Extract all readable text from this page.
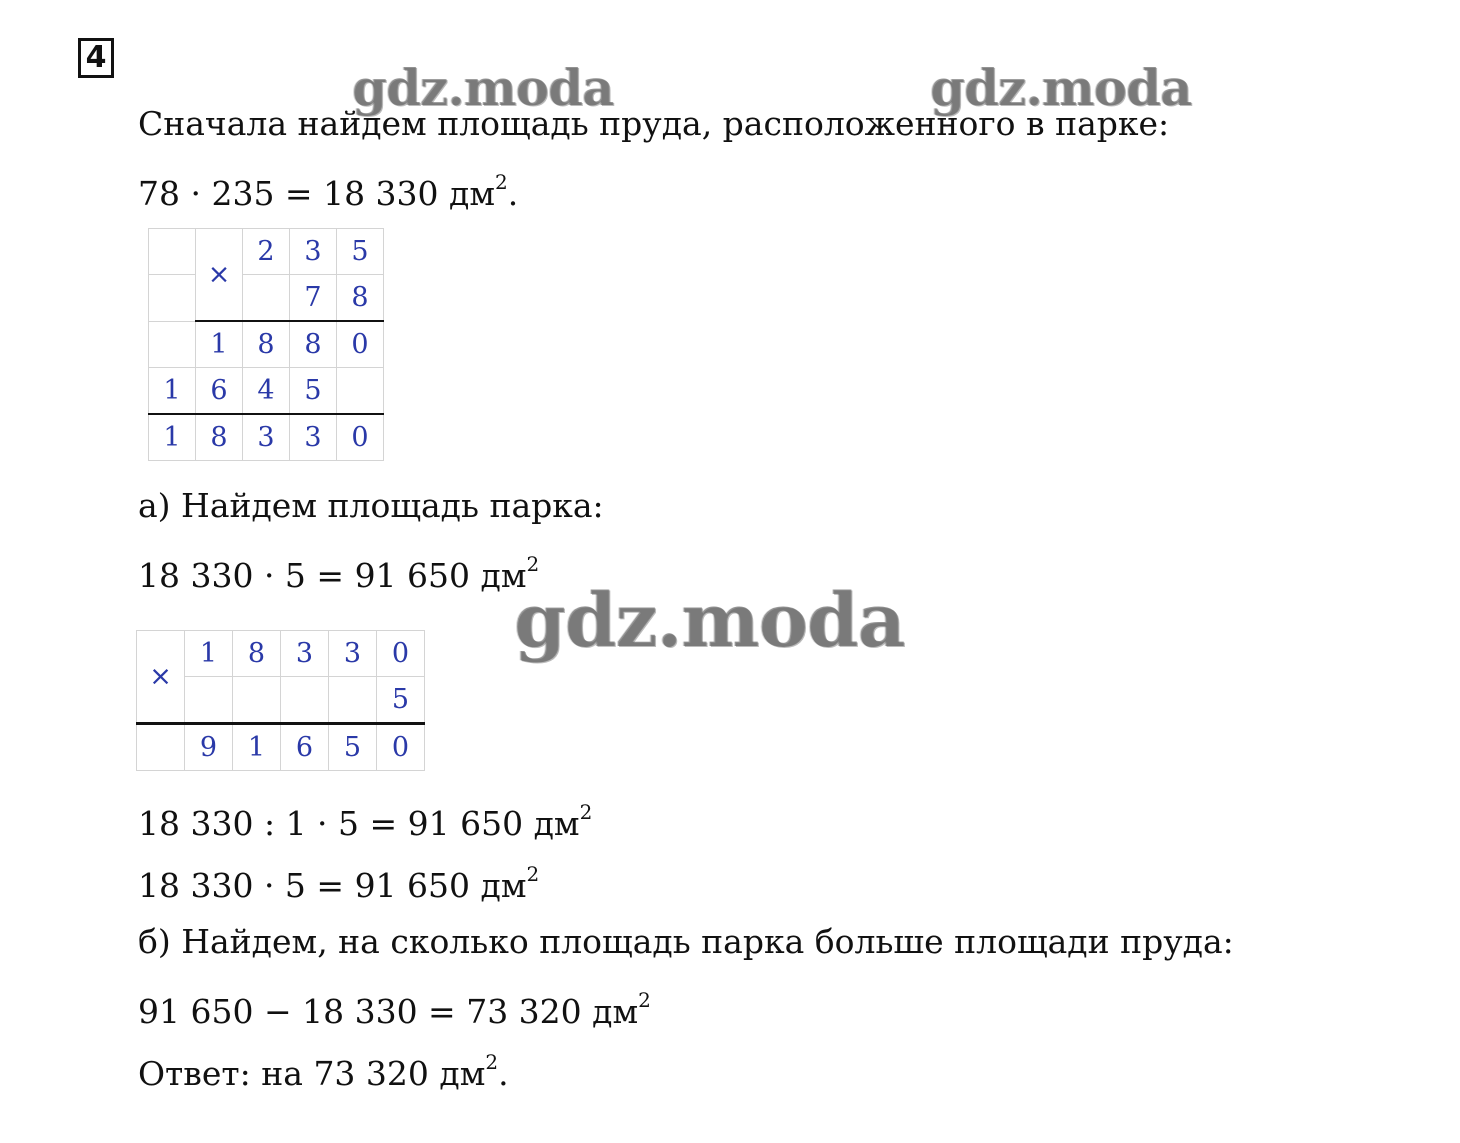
4
gdz.moda	gdz.moda
Сначала найдем площадь пруда, расположенного в парке:
78 · 235 = 18 330 $дм^2$.
	×	2	3	5
			7	8
	1	8	8	0
1	6	4	5	
1	8	3	3	0
а) Найдем площадь парка:
18 330 · 5 = 91 650 $дм^2$
gdz.moda
×	1	8	3	3	0
					5
	9	1	6	5	0
18 330 : 1 · 5 = 91 650 $дм^2$
18 330 · 5 = 91 650 $дм^2$
б) Найдем, на сколько площадь парка больше площади пруда:
91 650 − 18 330 = 73 320 $дм^2$
Ответ: на 73 320 $дм^2$.
